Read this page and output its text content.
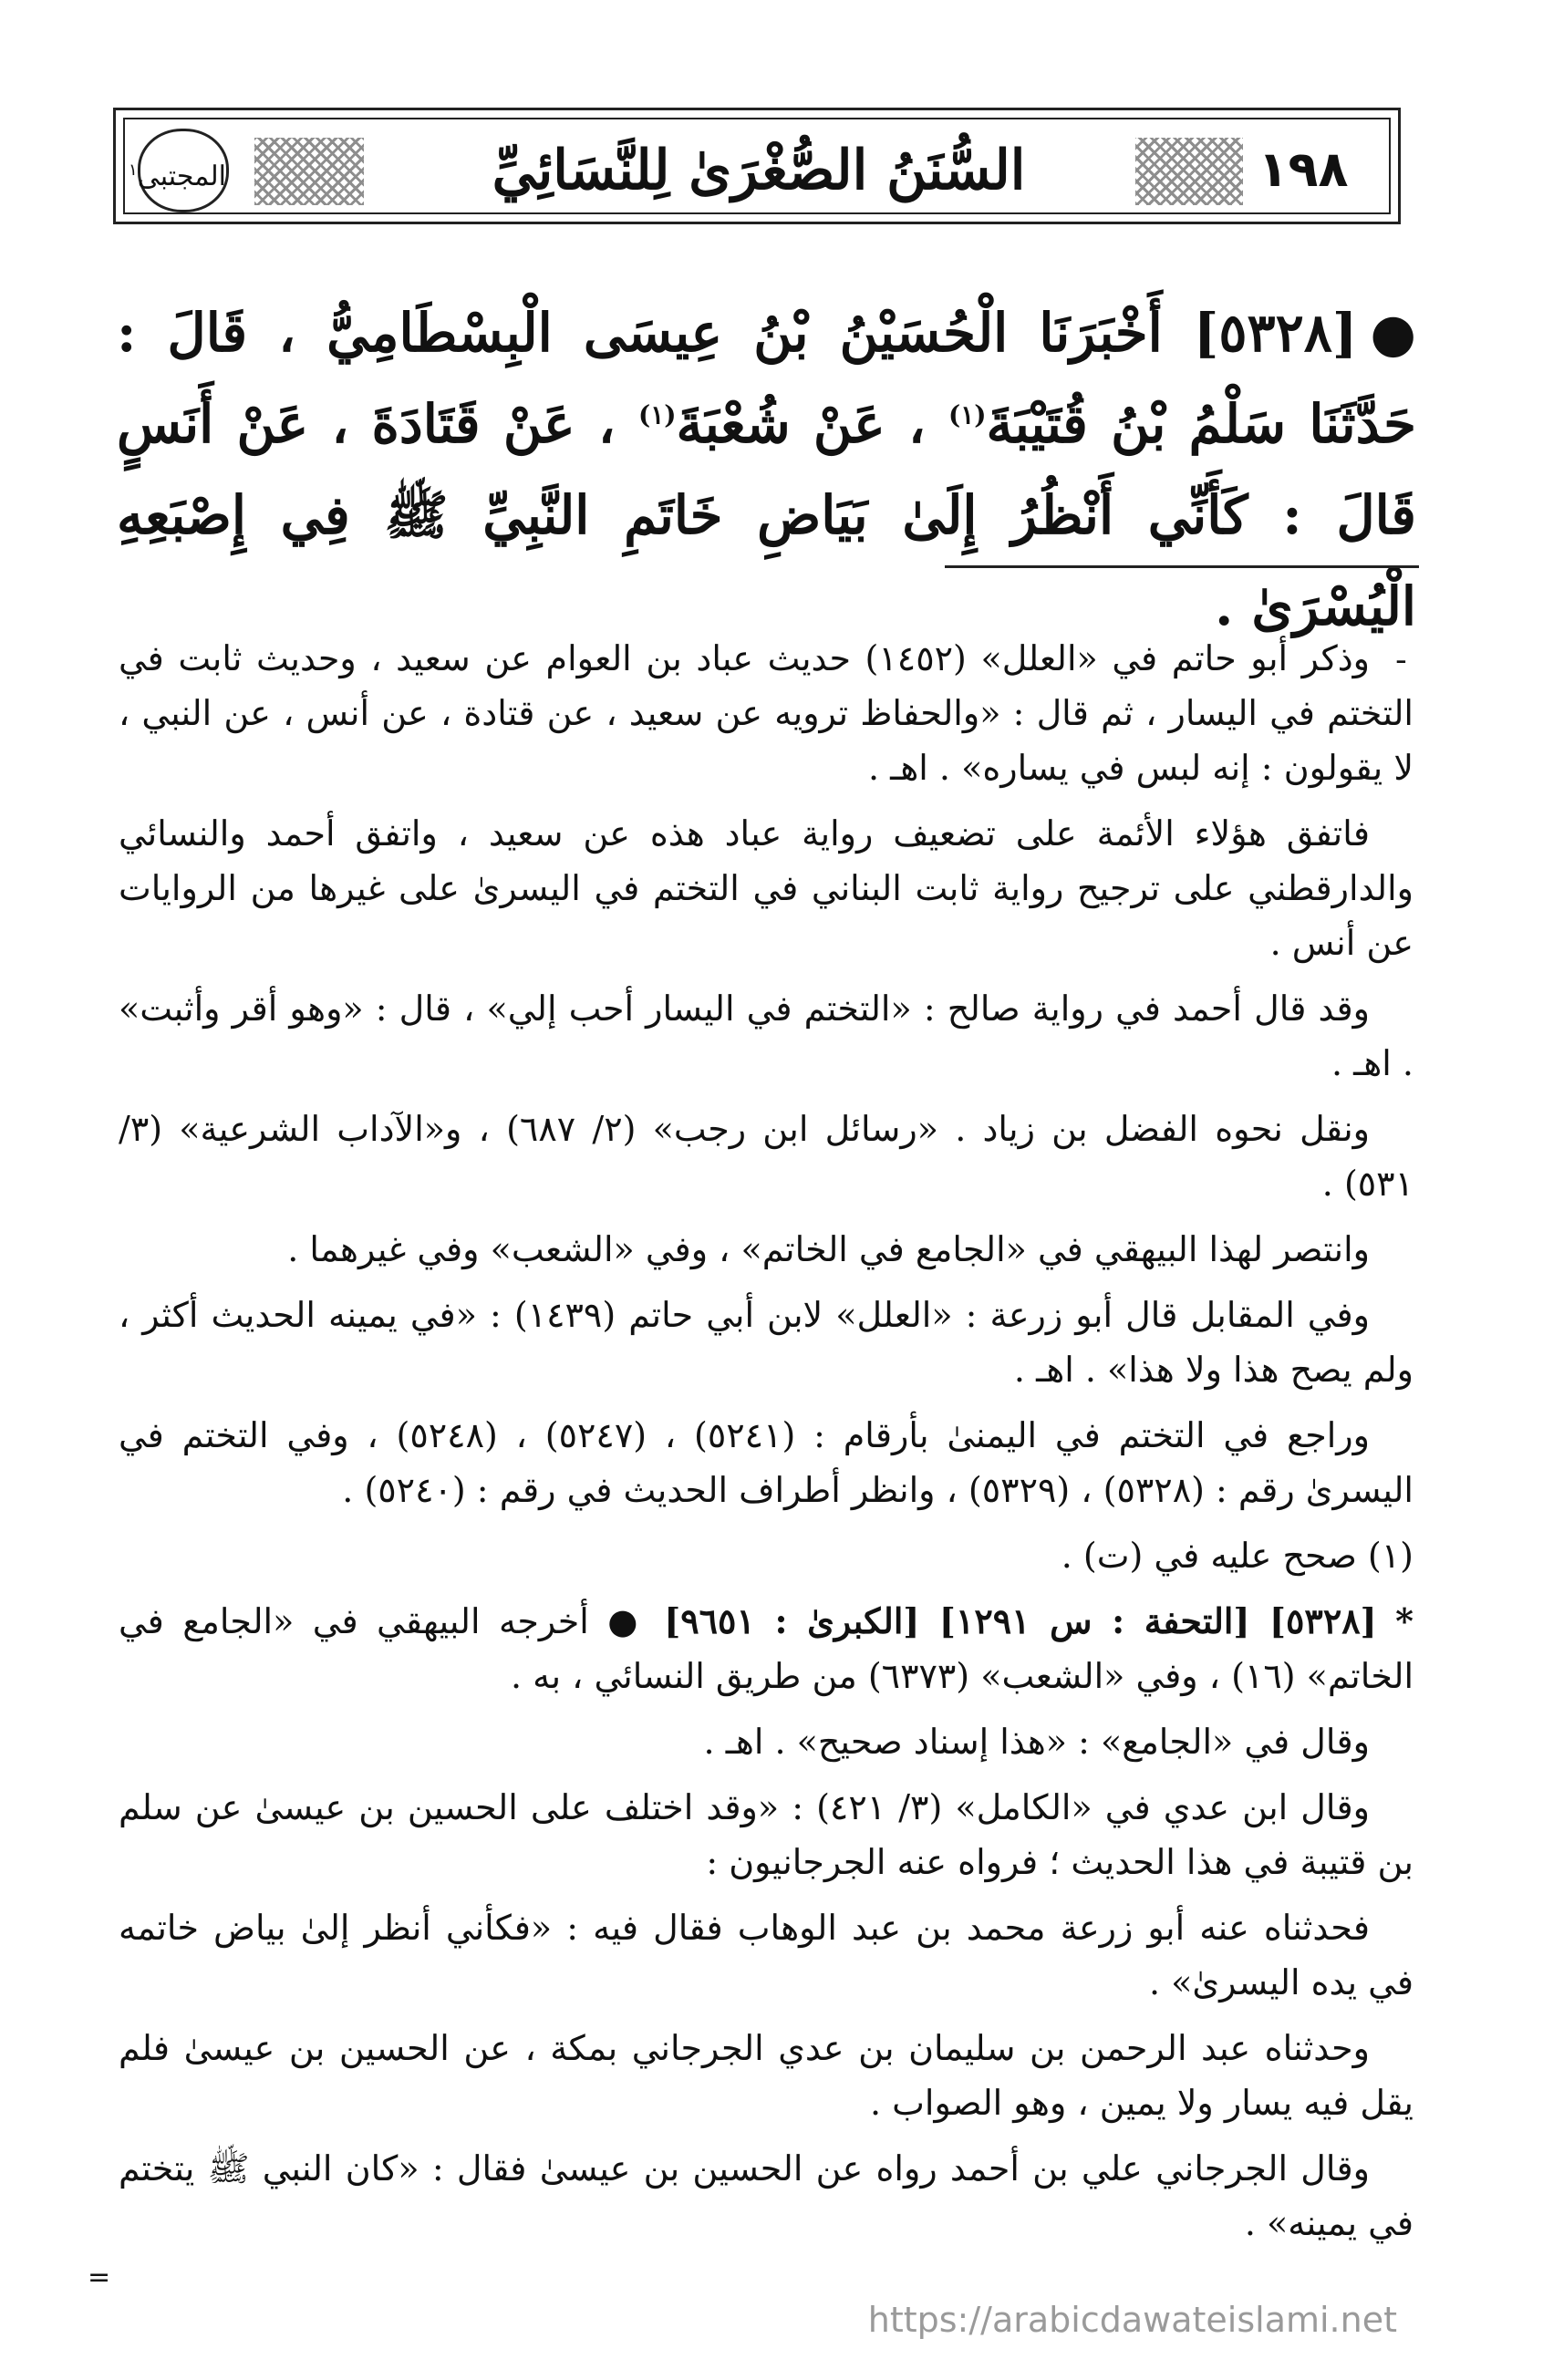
١٩٨
السُّنَنُ الصُّغْرَىٰ لِلنَّسَائِيِّ
المجتبى$^١$
●[٥٣٢٨] أَخْبَرَنَا الْحُسَيْنُ بْنُ عِيسَى الْبِسْطَامِيُّ ، قَالَ : حَدَّثَنَا سَلْمُ بْنُ قُتَيْبَةَ$^{(١)}$ ، عَنْ شُعْبَةَ$^{(١)}$ ، عَنْ قَتَادَةَ ، عَنْ أَنَسٍ قَالَ : كَأَنِّي أَنْظُرُ إِلَىٰ بَيَاضِ خَاتَمِ النَّبِيِّ ﷺ فِي إِصْبَعِهِ الْيُسْرَىٰ .
ـ

وذكر أبو حاتم في «العلل» (١٤٥٢) حديث عباد بن العوام عن سعيد ، وحديث ثابت في التختم في اليسار ، ثم قال : «والحفاظ ترويه عن سعيد ، عن قتادة ، عن أنس ، عن النبي ، لا يقولون : إنه لبس في يساره» . اهـ .

فاتفق هؤلاء الأئمة على تضعيف رواية عباد هذه عن سعيد ، واتفق أحمد والنسائي والدارقطني على ترجيح رواية ثابت البناني في التختم في اليسرىٰ على غيرها من الروايات عن أنس .

وقد قال أحمد في رواية صالح : «التختم في اليسار أحب إلي» ، قال : «وهو أقر وأثبت» . اهـ .

ونقل نحوه الفضل بن زياد . «رسائل ابن رجب» (٢/ ٦٨٧) ، و«الآداب الشرعية» (٣/ ٥٣١) .

وانتصر لهذا البيهقي في «الجامع في الخاتم» ، وفي «الشعب» وفي غيرهما .

وفي المقابل قال أبو زرعة : «العلل» لابن أبي حاتم (١٤٣٩) : «في يمينه الحديث أكثر ، ولم يصح هذا ولا هذا» . اهـ .

وراجع في التختم في اليمنىٰ بأرقام : (٥٢٤١) ، (٥٢٤٧) ، (٥٢٤٨) ، وفي التختم في اليسرىٰ رقم : (٥٣٢٨) ، (٥٣٢٩) ، وانظر أطراف الحديث في رقم : (٥٢٤٠) .

(١) صحح عليه في (ت) .

* [٥٣٢٨] [التحفة : س ١٢٩١] [الكبرىٰ : ٩٦٥١] ● أخرجه البيهقي في «الجامع في الخاتم» (١٦) ، وفي «الشعب» (٦٣٧٣) من طريق النسائي ، به .

وقال في «الجامع» : «هذا إسناد صحيح» . اهـ .

وقال ابن عدي في «الكامل» (٣/ ٤٢١) : «وقد اختلف على الحسين بن عيسىٰ عن سلم بن قتيبة في هذا الحديث ؛ فرواه عنه الجرجانيون :

فحدثناه عنه أبو زرعة محمد بن عبد الوهاب فقال فيه : «فكأني أنظر إلىٰ بياض خاتمه في يده اليسرىٰ» .

وحدثناه عبد الرحمن بن سليمان بن عدي الجرجاني بمكة ، عن الحسين بن عيسىٰ فلم يقل فيه يسار ولا يمين ، وهو الصواب .

وقال الجرجاني علي بن أحمد رواه عن الحسين بن عيسىٰ فقال : «كان النبي ﷺ يتختم في يمينه» .

=
https://arabicdawateislami.net
